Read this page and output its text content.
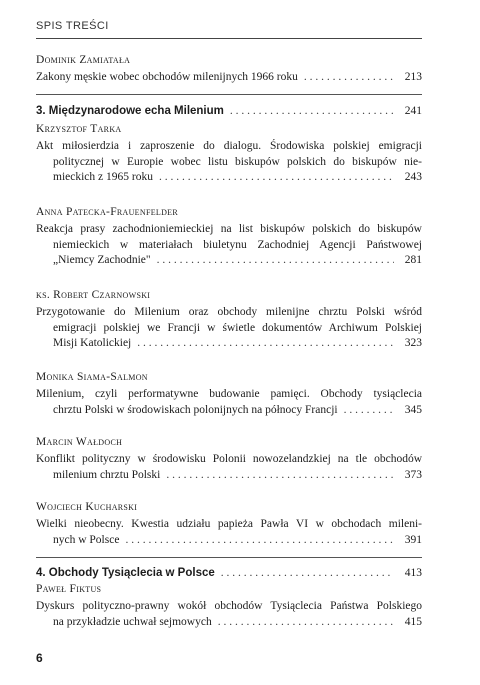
SPIS TREŚCI
Dominik Zamiatała
Zakony męskie wobec obchodów milenijnych 1966 roku . . .	213
3. Międzynarodowe echa Milenium . . .	241
Krzysztof Tarka
Akt miłosierdzia i zaproszenie do dialogu. Środowiska polskiej emigracji
politycznej w Europie wobec listu biskupów polskich do biskupów nie-
mieckich z 1965 roku . . .	243
Anna Patecka-Frauenfelder
Reakcja prasy zachodnioniemieckiej na list biskupów polskich do biskupów
niemieckich w materiałach biuletynu Zachodniej Agencji Państwowej
„Niemcy Zachodnie" . . .	281
ks. Robert Czarnowski
Przygotowanie do Milenium oraz obchody milenijne chrztu Polski wśród
emigracji polskiej we Francji w świetle dokumentów Archiwum Polskiej
Misji Katolickiej . . .	323
Monika Siama-Salmon
Milenium, czyli performatywne budowanie pamięci. Obchody tysiąclecia
chrztu Polski w środowiskach polonijnych na północy Francji . . .	345
Marcin Wałdoch
Konflikt polityczny w środowisku Polonii nowozelandzkiej na tle obchodów
milenium chrztu Polski . . .	373
Wojciech Kucharski
Wielki nieobecny. Kwestia udziału papieża Pawła VI w obchodach mileni-
nych w Polsce . . .	391
4. Obchody Tysiąclecia w Polsce . . .	413
Paweł Fiktus
Dyskurs polityczno-prawny wokół obchodów Tysiąclecia Państwa Polskiego
na przykładzie uchwał sejmowych . . .	415
6
